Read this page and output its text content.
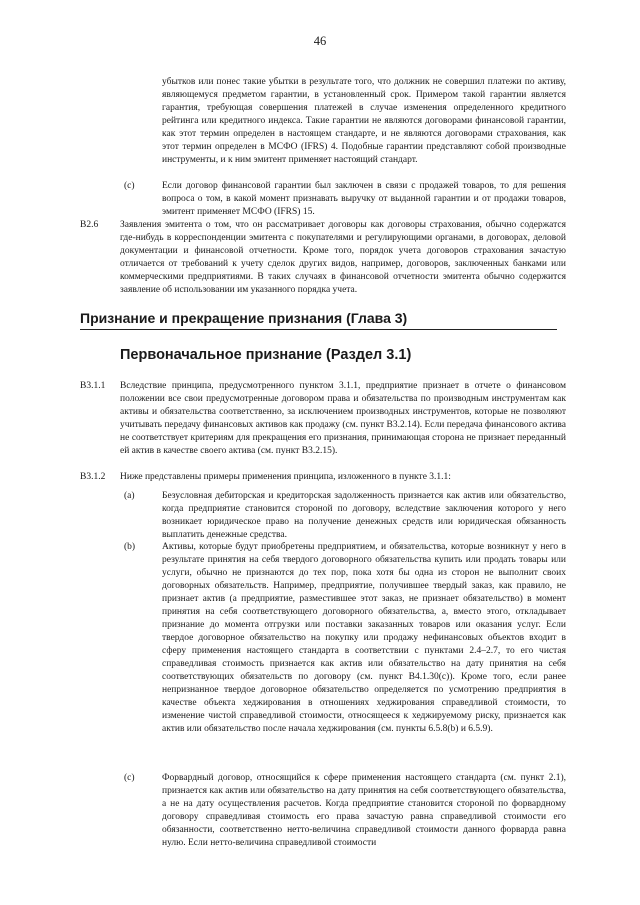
46

убытков или понес такие убытки в результате того, что должник не совершил платежи по активу, являющемуся предметом гарантии, в установленный срок. Примером такой гарантии является гарантия, требующая совершения платежей в случае изменения определенного кредитного рейтинга или кредитного индекса. Такие гарантии не являются договорами финансовой гарантии, как этот термин определен в настоящем стандарте, и не являются договорами страхования, как этот термин определен в МСФО (IFRS) 4. Подобные гарантии представляют собой производные инструменты, и к ним эмитент применяет настоящий стандарт.

(c)	Если договор финансовой гарантии был заключен в связи с продажей товаров, то для решения вопроса о том, в какой момент признавать выручку от выданной гарантии и от продажи товаров, эмитент применяет МСФО (IFRS) 15.

B2.6 Заявления эмитента о том, что он рассматривает договоры как договоры страхования, обычно содержатся где-нибудь в корреспонденции эмитента с покупателями и регулирующими органами, в договорах, деловой документации и финансовой отчетности. Кроме того, порядок учета договоров страхования зачастую отличается от требований к учету сделок других видов, например, договоров, заключенных банками или коммерческими предприятиями. В таких случаях в финансовой отчетности эмитента обычно содержится заявление об использовании им указанного порядка учета.

Признание и прекращение признания (Глава 3)
Первоначальное признание (Раздел 3.1)
B3.1.1 Вследствие принципа, предусмотренного пунктом 3.1.1, предприятие признает в отчете о финансовом положении все свои предусмотренные договором права и обязательства по производным инструментам как активы и обязательства соответственно, за исключением производных инструментов, которые не позволяют учитывать передачу финансовых активов как продажу (см. пункт B3.2.14). Если передача финансового актива не соответствует критериям для прекращения его признания, принимающая сторона не признает переданный ей актив в качестве своего актива (см. пункт B3.2.15).

B3.1.2 Ниже представлены примеры применения принципа, изложенного в пункте 3.1.1:

(a)	Безусловная дебиторская и кредиторская задолженность признается как актив или обязательство, когда предприятие становится стороной по договору, вследствие заключения которого у него возникает юридическое право на получение денежных средств или юридическая обязанность выплатить денежные средства.

(b)	Активы, которые будут приобретены предприятием, и обязательства, которые возникнут у него в результате принятия на себя твердого договорного обязательства купить или продать товары или услуги, обычно не признаются до тех пор, пока хотя бы одна из сторон не выполнит своих договорных обязательств. Например, предприятие, получившее твердый заказ, как правило, не признает актив (а предприятие, разместившее этот заказ, не признает обязательство) в момент принятия на себя соответствующего договорного обязательства, а, вместо этого, откладывает признание до момента отгрузки или поставки заказанных товаров или оказания услуг. Если твердое договорное обязательство на покупку или продажу нефинансовых объектов входит в сферу применения настоящего стандарта в соответствии с пунктами 2.4–2.7, то его чистая справедливая стоимость признается как актив или обязательство на дату принятия на себя соответствующих обязательств по договору (см. пункт B4.1.30(c)). Кроме того, если ранее непризнанное твердое договорное обязательство определяется по усмотрению предприятия в качестве объекта хеджирования в отношениях хеджирования справедливой стоимости, то изменение чистой справедливой стоимости, относящееся к хеджируемому риску, признается как актив или обязательство после начала хеджирования (см. пункты 6.5.8(b) и 6.5.9).

(c)	Форвардный договор, относящийся к сфере применения настоящего стандарта (см. пункт 2.1), признается как актив или обязательство на дату принятия на себя соответствующего обязательства, а не на дату осуществления расчетов. Когда предприятие становится стороной по форвардному договору справедливая стоимость его права зачастую равна справедливой стоимости его обязанности, соответственно нетто-величина справедливой стоимости данного форварда равна нулю. Если нетто-величина справедливой стоимости
